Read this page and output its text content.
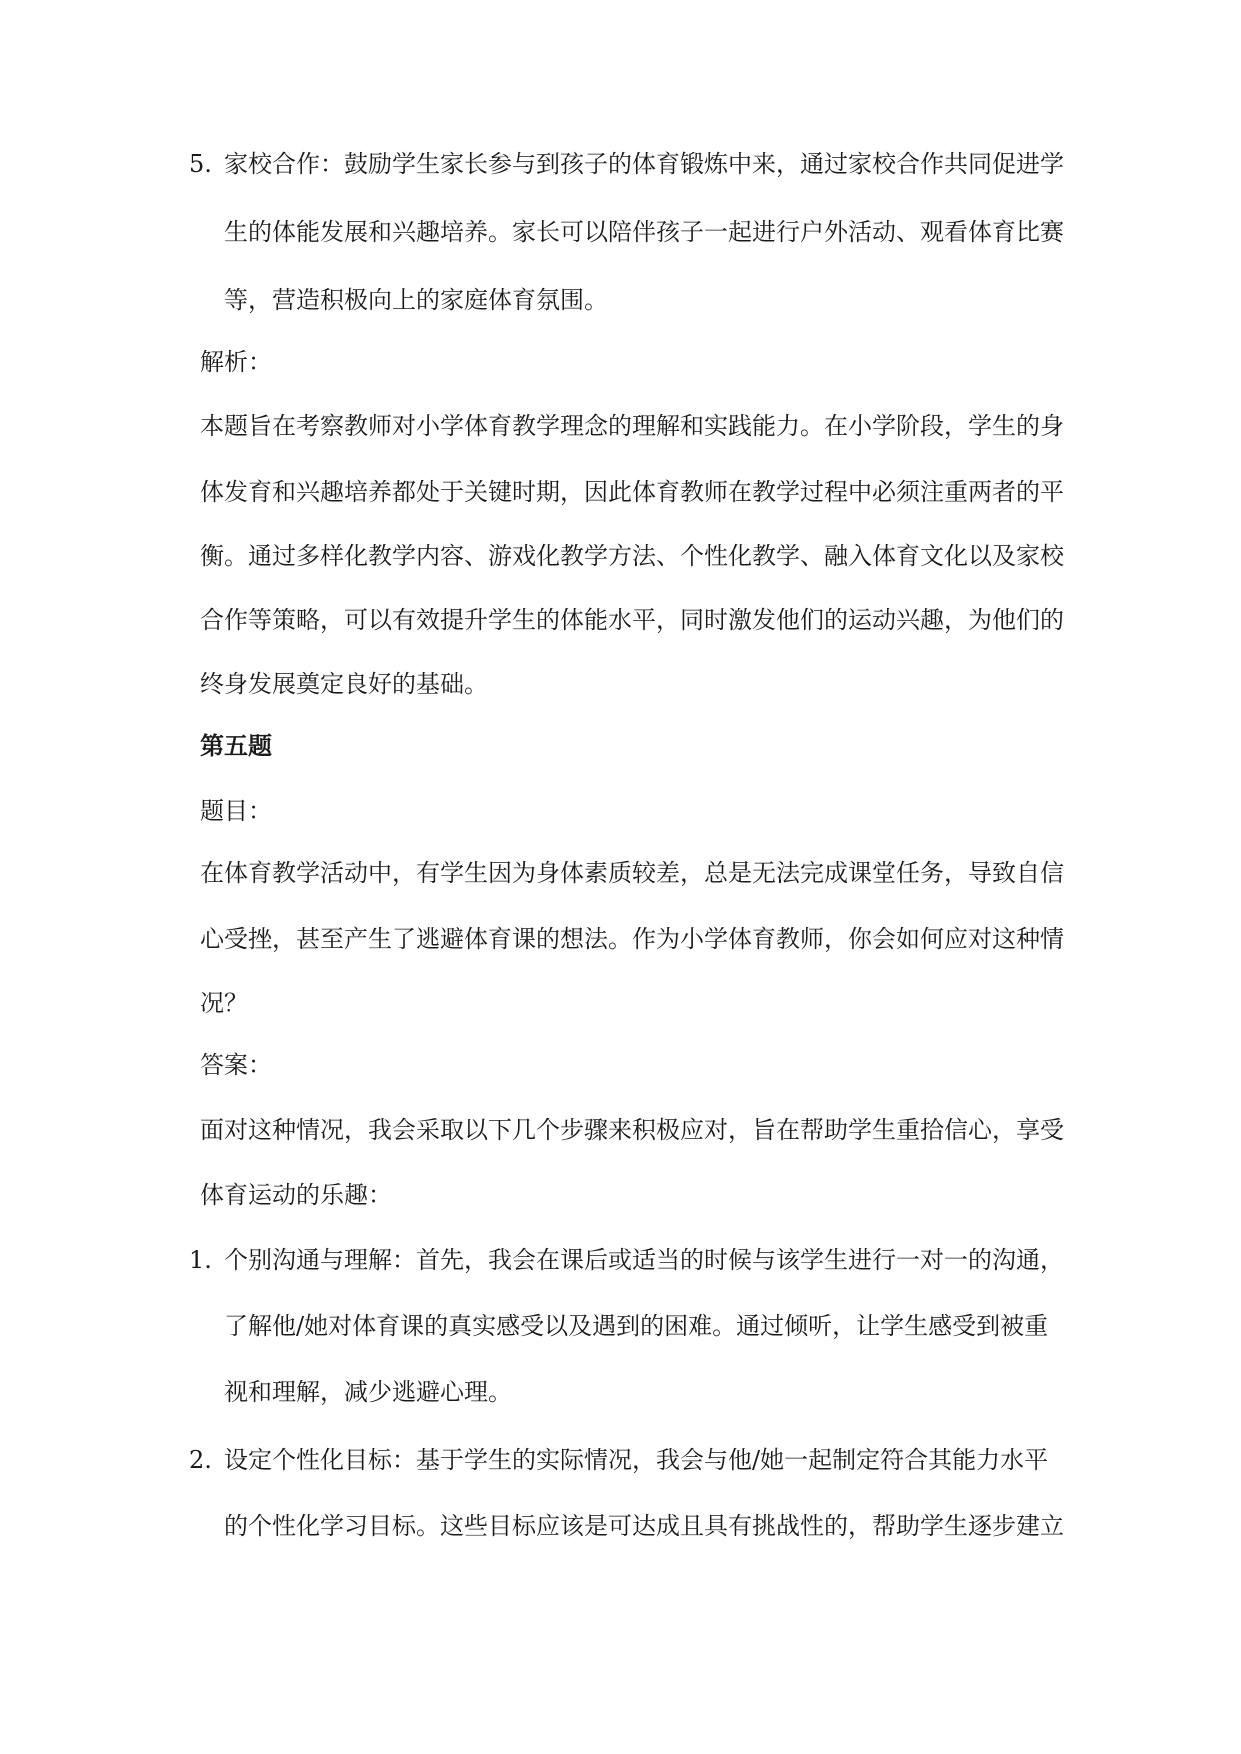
5. 家校合作：鼓励学生家长参与到孩子的体育锻炼中来，通过家校合作共同促进学
生的体能发展和兴趣培养。家长可以陪伴孩子一起进行户外活动、观看体育比赛
等，营造积极向上的家庭体育氛围。
解析：
本题旨在考察教师对小学体育教学理念的理解和实践能力。在小学阶段，学生的身
体发育和兴趣培养都处于关键时期，因此体育教师在教学过程中必须注重两者的平
衡。通过多样化教学内容、游戏化教学方法、个性化教学、融入体育文化以及家校
合作等策略，可以有效提升学生的体能水平，同时激发他们的运动兴趣，为他们的
终身发展奠定良好的基础。
第五题
题目：
在体育教学活动中，有学生因为身体素质较差，总是无法完成课堂任务，导致自信
心受挫，甚至产生了逃避体育课的想法。作为小学体育教师，你会如何应对这种情
况？
答案：
面对这种情况，我会采取以下几个步骤来积极应对，旨在帮助学生重拾信心，享受
体育运动的乐趣：
1. 个别沟通与理解：首先，我会在课后或适当的时候与该学生进行一对一的沟通，
了解他/她对体育课的真实感受以及遇到的困难。通过倾听，让学生感受到被重
视和理解，减少逃避心理。
2. 设定个性化目标：基于学生的实际情况，我会与他/她一起制定符合其能力水平
的个性化学习目标。这些目标应该是可达成且具有挑战性的，帮助学生逐步建立
